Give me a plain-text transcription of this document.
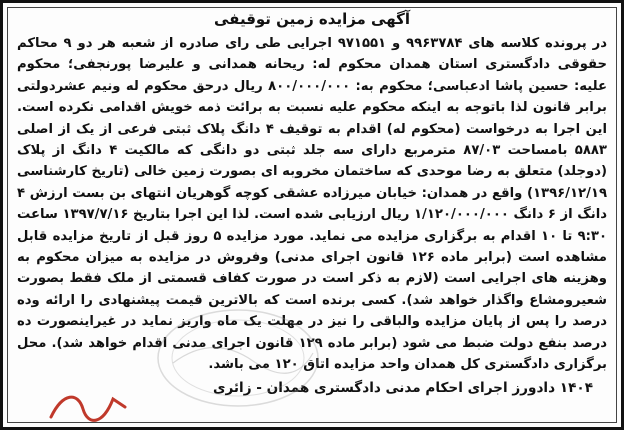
آگهی مزایده زمین توقیفی

در پرونده کلاسه های ۹۹۶۳۷۸۴ و ۹۷۱۵۵۱ اجرایی طی رای صادره از شعبه هر دو ۹ محاکم حقوقی دادگستری استان همدان محکوم له: ریحانه همدانی و علیرضا پورنجفی؛ محکوم علیه: حسین پاشا ادعباسی؛ محکوم به: ۸۰۰/۰۰۰/۰۰۰ ریال درحق محکوم له ونیم عشردولتی برابر قانون لذا باتوجه به اینکه محکوم علیه نسبت به برائت ذمه خویش اقدامی نکرده است. این اجرا به درخواست (محکوم له) اقدام به توقیف ۴ دانگ پلاک ثبتی فرعی از یک از اصلی ۵۸۸۳ بامساحت ۸۷/۰۳ مترمربع دارای سه جلد ثبتی دو دانگی که مالکیت ۴ دانگ از پلاک (دوجلد) متعلق به رضا موحدی که ساختمان مخروبه ای بصورت زمین خالی (تاریخ کارشناسی ۱۳۹۶/۱۲/۱۹) واقع در همدان: خیابان میرزاده عشقی کوچه گوهریان انتهای بن بست ارزش ۴ دانگ از ۶ دانگ ۱/۱۲۰/۰۰۰/۰۰۰ ریال ارزیابی شده است. لذا این اجرا بتاریخ ۱۳۹۷/۷/۱۶ ساعت ۹:۳۰ تا ۱۰ اقدام به برگزاری مزایده می نماید. مورد مزایده ۵ روز قبل از تاریخ مزایده قابل مشاهده است (برابر ماده ۱۲۶ قانون اجرای مدنی) وفروش در مزایده به میزان محکوم به وهزینه های اجرایی است (لازم به ذکر است در صورت کفاف قسمتی از ملک فقط بصورت شعیرومشاع واگذار خواهد شد). کسی برنده است که بالاترین قیمت پیشنهادی را ارائه وده درصد را پس از پایان مزایده والباقی را نیز در مهلت یک ماه واریز نماید در غیراینصورت ده درصد بنفع دولت ضبط می شود (برابر ماده ۱۲۹ قانون اجرای مدنی اقدام خواهد شد). محل برگزاری دادگستری کل همدان واحد مزایده اتاق ۱۲۰ می باشد.

۱۴۰۴ دادورز اجرای احکام مدنی دادگستری همدان - زائری
